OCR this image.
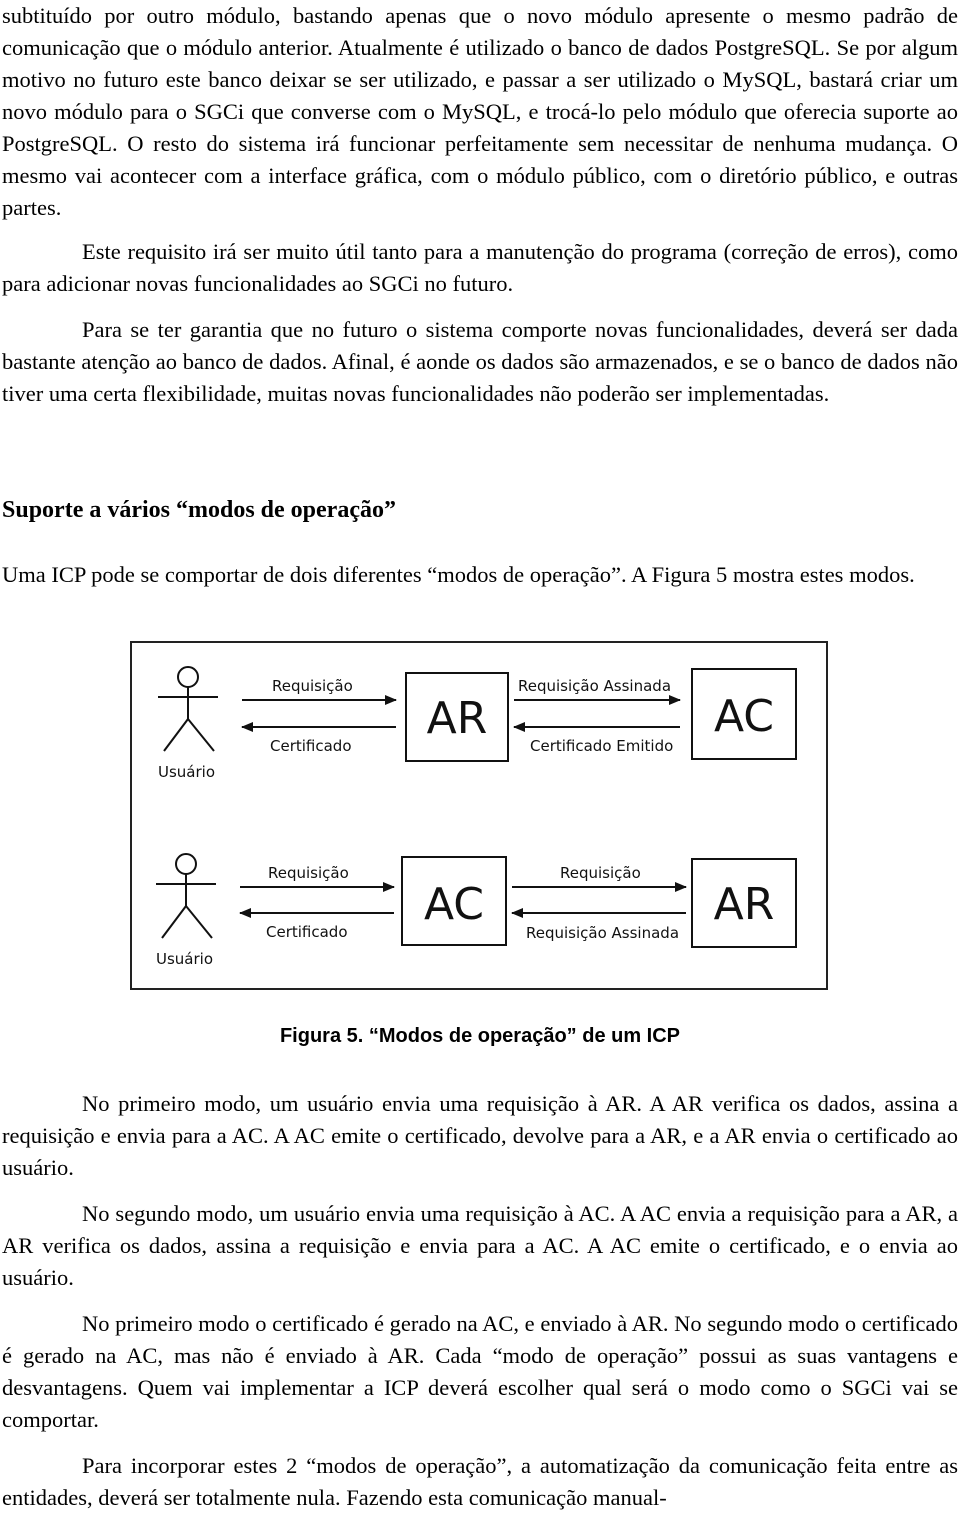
subtituído por outro módulo, bastando apenas que o novo módulo apresente o mesmo padrão de comunicação que o módulo anterior. Atualmente é utilizado o banco de dados PostgreSQL. Se por algum motivo no futuro este banco deixar se ser utilizado, e passar a ser utilizado o MySQL, bastará criar um novo módulo para o SGCi que converse com o MySQL, e trocá-lo pelo módulo que oferecia suporte ao PostgreSQL. O resto do sistema irá funcionar perfeitamente sem necessitar de nenhuma mudança. O mesmo vai acontecer com a interface gráfica, com o módulo público, com o diretório público, e outras partes.

Este requisito irá ser muito útil tanto para a manutenção do programa (correção de erros), como para adicionar novas funcionalidades ao SGCi no futuro.

Para se ter garantia que no futuro o sistema comporte novas funcionalidades, deverá ser dada bastante atenção ao banco de dados. Afinal, é aonde os dados são armazenados, e se o banco de dados não tiver uma certa flexibilidade, muitas novas funcionalidades não poderão ser implementadas.

Suporte a vários “modos de operação”

Uma ICP pode se comportar de dois diferentes “modos de operação”. A Figura 5 mostra estes modos.

Usuário
Requisição
Certificado
AR
Requisição Assinada
Certificado Emitido
AC
Usuário
Requisição
Certificado
AC
Requisição
Requisição Assinada
AR
Figura 5. “Modos de operação” de um ICP

No primeiro modo, um usuário envia uma requisição à AR. A AR verifica os dados, assina a requisição e envia para a AC. A AC emite o certificado, devolve para a AR, e a AR envia o certificado ao usuário.

No segundo modo, um usuário envia uma requisição à AC. A AC envia a requisição para a AR, a AR verifica os dados, assina a requisição e envia para a AC. A AC emite o certificado, e o envia ao usuário.

No primeiro modo o certificado é gerado na AC, e enviado à AR. No segundo modo o certificado é gerado na AC, mas não é enviado à AR. Cada “modo de operação” possui as suas vantagens e desvantagens. Quem vai implementar a ICP deverá escolher qual será o modo como o SGCi vai se comportar.

Para incorporar estes 2 “modos de operação”, a automatização da comunicação feita entre as entidades, deverá ser totalmente nula. Fazendo esta comunicação manual-
